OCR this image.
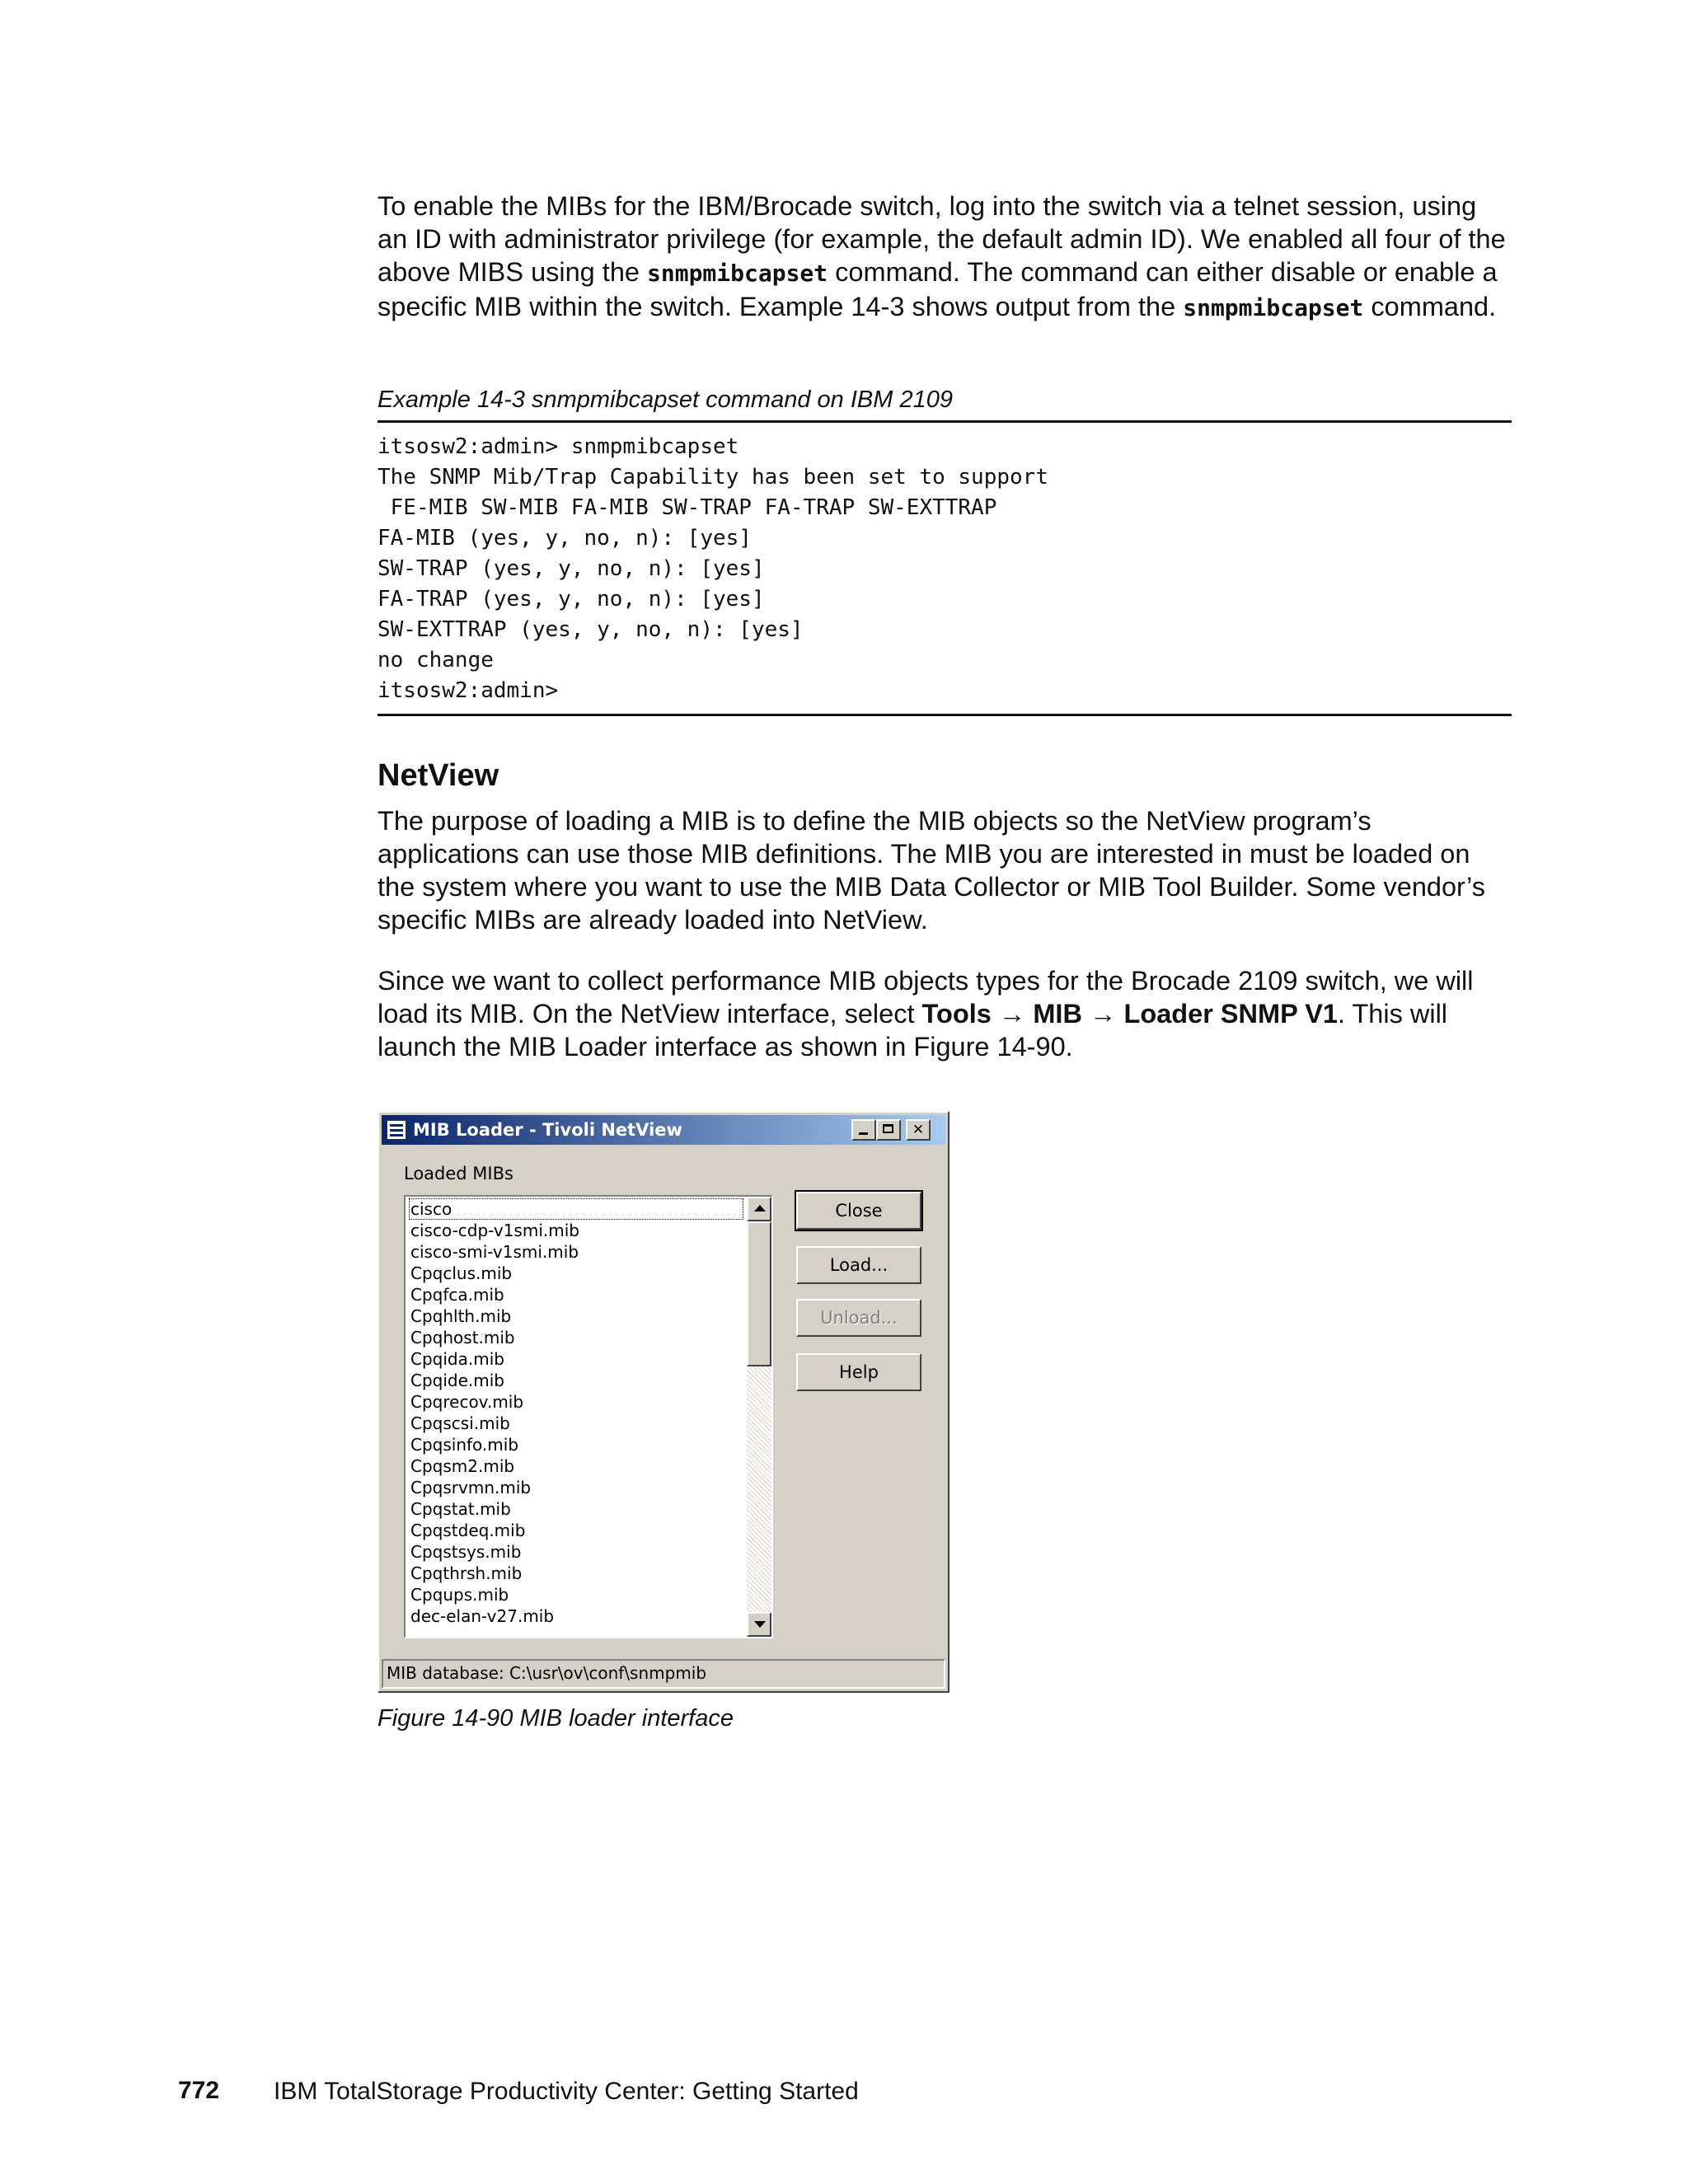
To enable the MIBs for the IBM/Brocade switch, log into the switch via a telnet session, using an ID with administrator privilege (for example, the default admin ID). We enabled all four of the above MIBS using the snmpmibcapset command. The command can either disable or enable a specific MIB within the switch. Example 14-3 shows output from the snmpmibcapset command.

Example 14-3 snmpmibcapset command on IBM 2109
itsosw2:admin> snmpmibcapset
The SNMP Mib/Trap Capability has been set to support
FE-MIB SW-MIB FA-MIB SW-TRAP FA-TRAP SW-EXTTRAP
FA-MIB (yes, y, no, n): [yes]
SW-TRAP (yes, y, no, n): [yes]
FA-TRAP (yes, y, no, n): [yes]
SW-EXTTRAP (yes, y, no, n): [yes]
no change
itsosw2:admin>
NetView

The purpose of loading a MIB is to define the MIB objects so the NetView program’s applications can use those MIB definitions. The MIB you are interested in must be loaded on the system where you want to use the MIB Data Collector or MIB Tool Builder. Some vendor’s specific MIBs are already loaded into NetView.

Since we want to collect performance MIB objects types for the Brocade 2109 switch, we will load its MIB. On the NetView interface, select Tools → MIB → Loader SNMP V1. This will launch the MIB Loader interface as shown in Figure 14-90.

MIB Loader - Tivoli NetView
✕
Loaded MIBs
cisco
cisco-cdp-v1smi.mib
cisco-smi-v1smi.mib
Cpqclus.mib
Cpqfca.mib
Cpqhlth.mib
Cpqhost.mib
Cpqida.mib
Cpqide.mib
Cpqrecov.mib
Cpqscsi.mib
Cpqsinfo.mib
Cpqsm2.mib
Cpqsrvmn.mib
Cpqstat.mib
Cpqstdeq.mib
Cpqstsys.mib
Cpqthrsh.mib
Cpqups.mib
dec-elan-v27.mib
Close
Load...
Unload...
Help
MIB database: C:\usr\ov\conf\snmpmib
Figure 14-90 MIB loader interface
772 IBM TotalStorage Productivity Center: Getting Started
